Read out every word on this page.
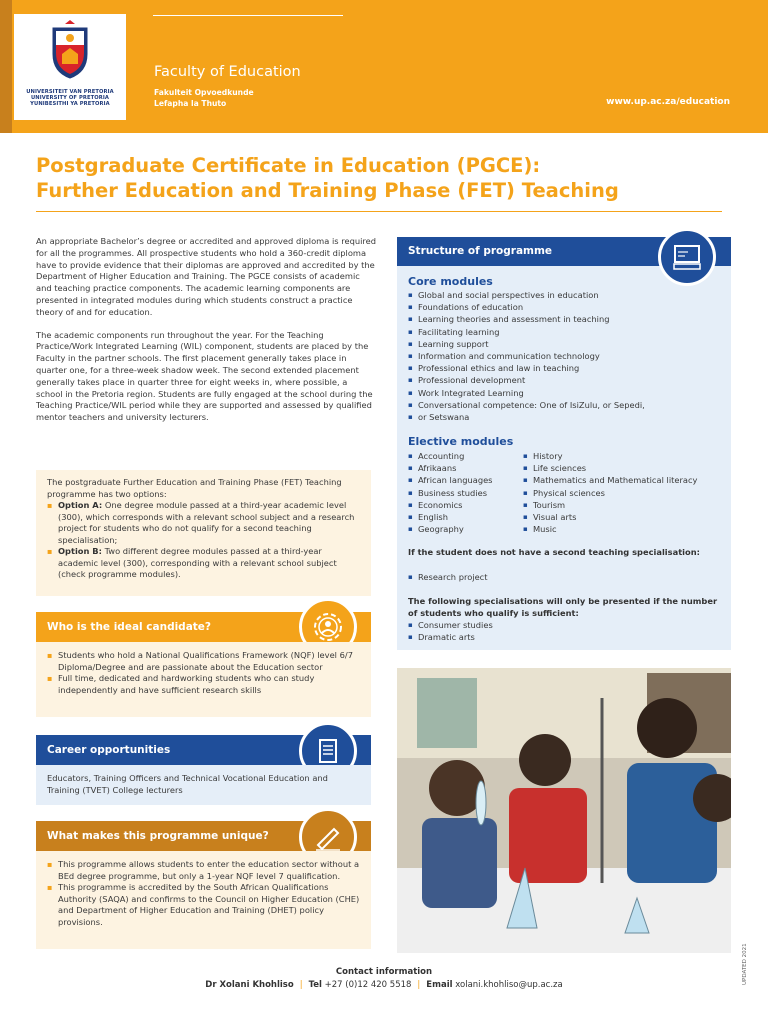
UNIVERSITEIT VAN PRETORIA
UNIVERSITY OF PRETORIA
YUNIBESITHI YA PRETORIA
Faculty of Education
Fakulteit Opvoedkunde
Lefapha la Thuto	www.up.ac.za/education
Postgraduate Certificate in Education (PGCE):
Further Education and Training Phase (FET) Teaching

An appropriate Bachelor’s degree or accredited and approved diploma is required for all the programmes. All prospective students who hold a 360-credit diploma have to provide evidence that their diplomas are approved and accredited by the Department of Higher Education and Training. The PGCE consists of academic and teaching practice components. The academic learning components are presented in integrated modules during which students construct a practice theory of and for education.

The academic components run throughout the year. For the Teaching Practice/Work Integrated Learning (WIL) component, students are placed by the Faculty in the partner schools. The first placement generally takes place in quarter one, for a three-week shadow week. The second extended placement generally takes place in quarter three for eight weeks in, where possible, a school in the Pretoria region. Students are fully engaged at the school during the Teaching Practice/WIL period while they are supported and assessed by qualified mentor teachers and university lecturers.

The postgraduate Further Education and Training Phase (FET) Teaching programme has two options:
▪ Option A: One degree module passed at a third-year academic level (300), which corresponds with a relevant school subject and a research project for students who do not qualify for a second teaching specialisation;
▪ Option B: Two different degree modules passed at a third-year academic level (300), corresponding with a relevant school subject (check programme modules).
Who is the ideal candidate?
▪ Students who hold a National Qualifications Framework (NQF) level 6/7 Diploma/Degree and are passionate about the Education sector
▪ Full time, dedicated and hardworking students who can study independently and have sufficient research skills
Career opportunities
Educators, Training Officers and Technical Vocational Education and Training (TVET) College lecturers
What makes this programme unique?
▪ This programme allows students to enter the education sector without a BEd degree programme, but only a 1-year NQF level 7 qualification.
▪ This programme is accredited by the South African Qualifications Authority (SAQA) and confirms to the Council on Higher Education (CHE) and Department of Higher Education and Training (DHET) policy provisions.
Structure of programme
Core modules
▪ Global and social perspectives in education
▪ Foundations of education
▪ Learning theories and assessment in teaching
▪ Facilitating learning
▪ Learning support
▪ Information and communication technology
▪ Professional ethics and law in teaching
▪ Professional development
▪ Work Integrated Learning
▪ Conversational competence: One of IsiZulu, or Sepedi,
▪ or Setswana
Elective modules
▪ Accounting
▪ Afrikaans
▪ African languages
▪ Business studies
▪ Economics
▪ English
▪ Geography
▪ History
▪ Life sciences
▪ Mathematics and Mathematical literacy
▪ Physical sciences
▪ Tourism
▪ Visual arts
▪ Music
If the student does not have a second teaching specialisation:
▪ Research project
The following specialisations will only be presented if the number of students who qualify is sufficient:
▪ Consumer studies
▪ Dramatic arts
Contact information
Dr Xolani Khohliso | Tel +27 (0)12 420 5518 | Email xolani.khohliso@up.ac.za	UPDATED 2021
